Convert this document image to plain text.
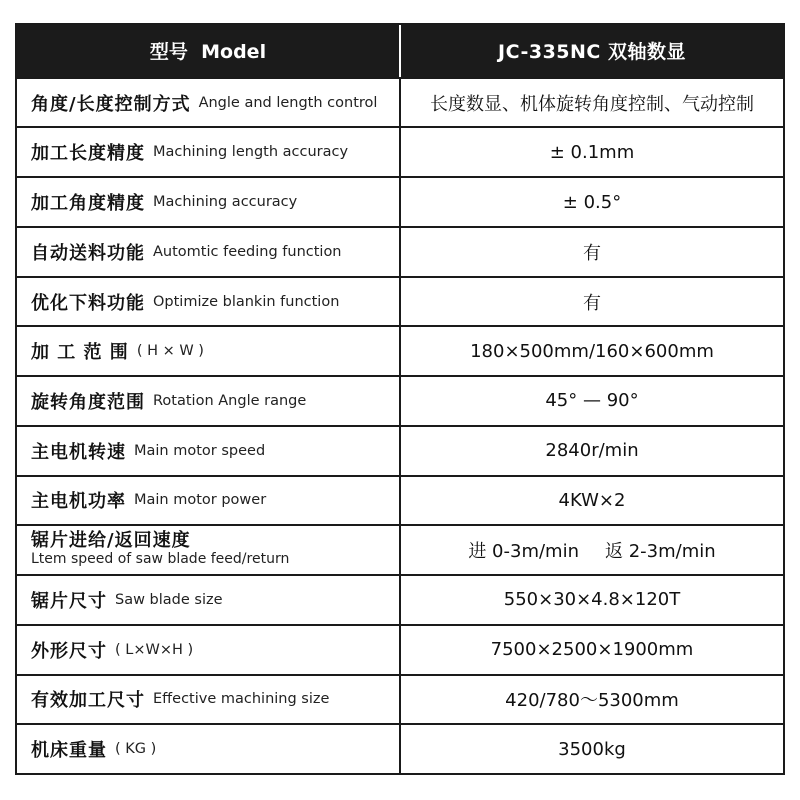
型号  Model	JC-335NC 双轴数显
角度/长度控制方式 Angle and length control	长度数显、机体旋转角度控制、气动控制
加工长度精度 Machining length accuracy	± 0.1mm
加工角度精度 Machining accuracy	± 0.5°
自动送料功能 Automtic feeding function	有
优化下料功能 Optimize blankin function	有
加 工 范 围 ( H × W )	180×500mm/160×600mm
旋转角度范围 Rotation Angle range	45° — 90°
主电机转速 Main motor speed	2840r/min
主电机功率 Main motor power	4KW×2
锯片进给/返回速度
Ltem speed of saw blade feed/return	进 0-3m/min 返 2-3m/min
锯片尺寸 Saw blade size	550×30×4.8×120T
外形尺寸 ( L×W×H )	7500×2500×1900mm
有效加工尺寸 Effective machining size	420/780～5300mm
机床重量 ( KG )	3500kg
